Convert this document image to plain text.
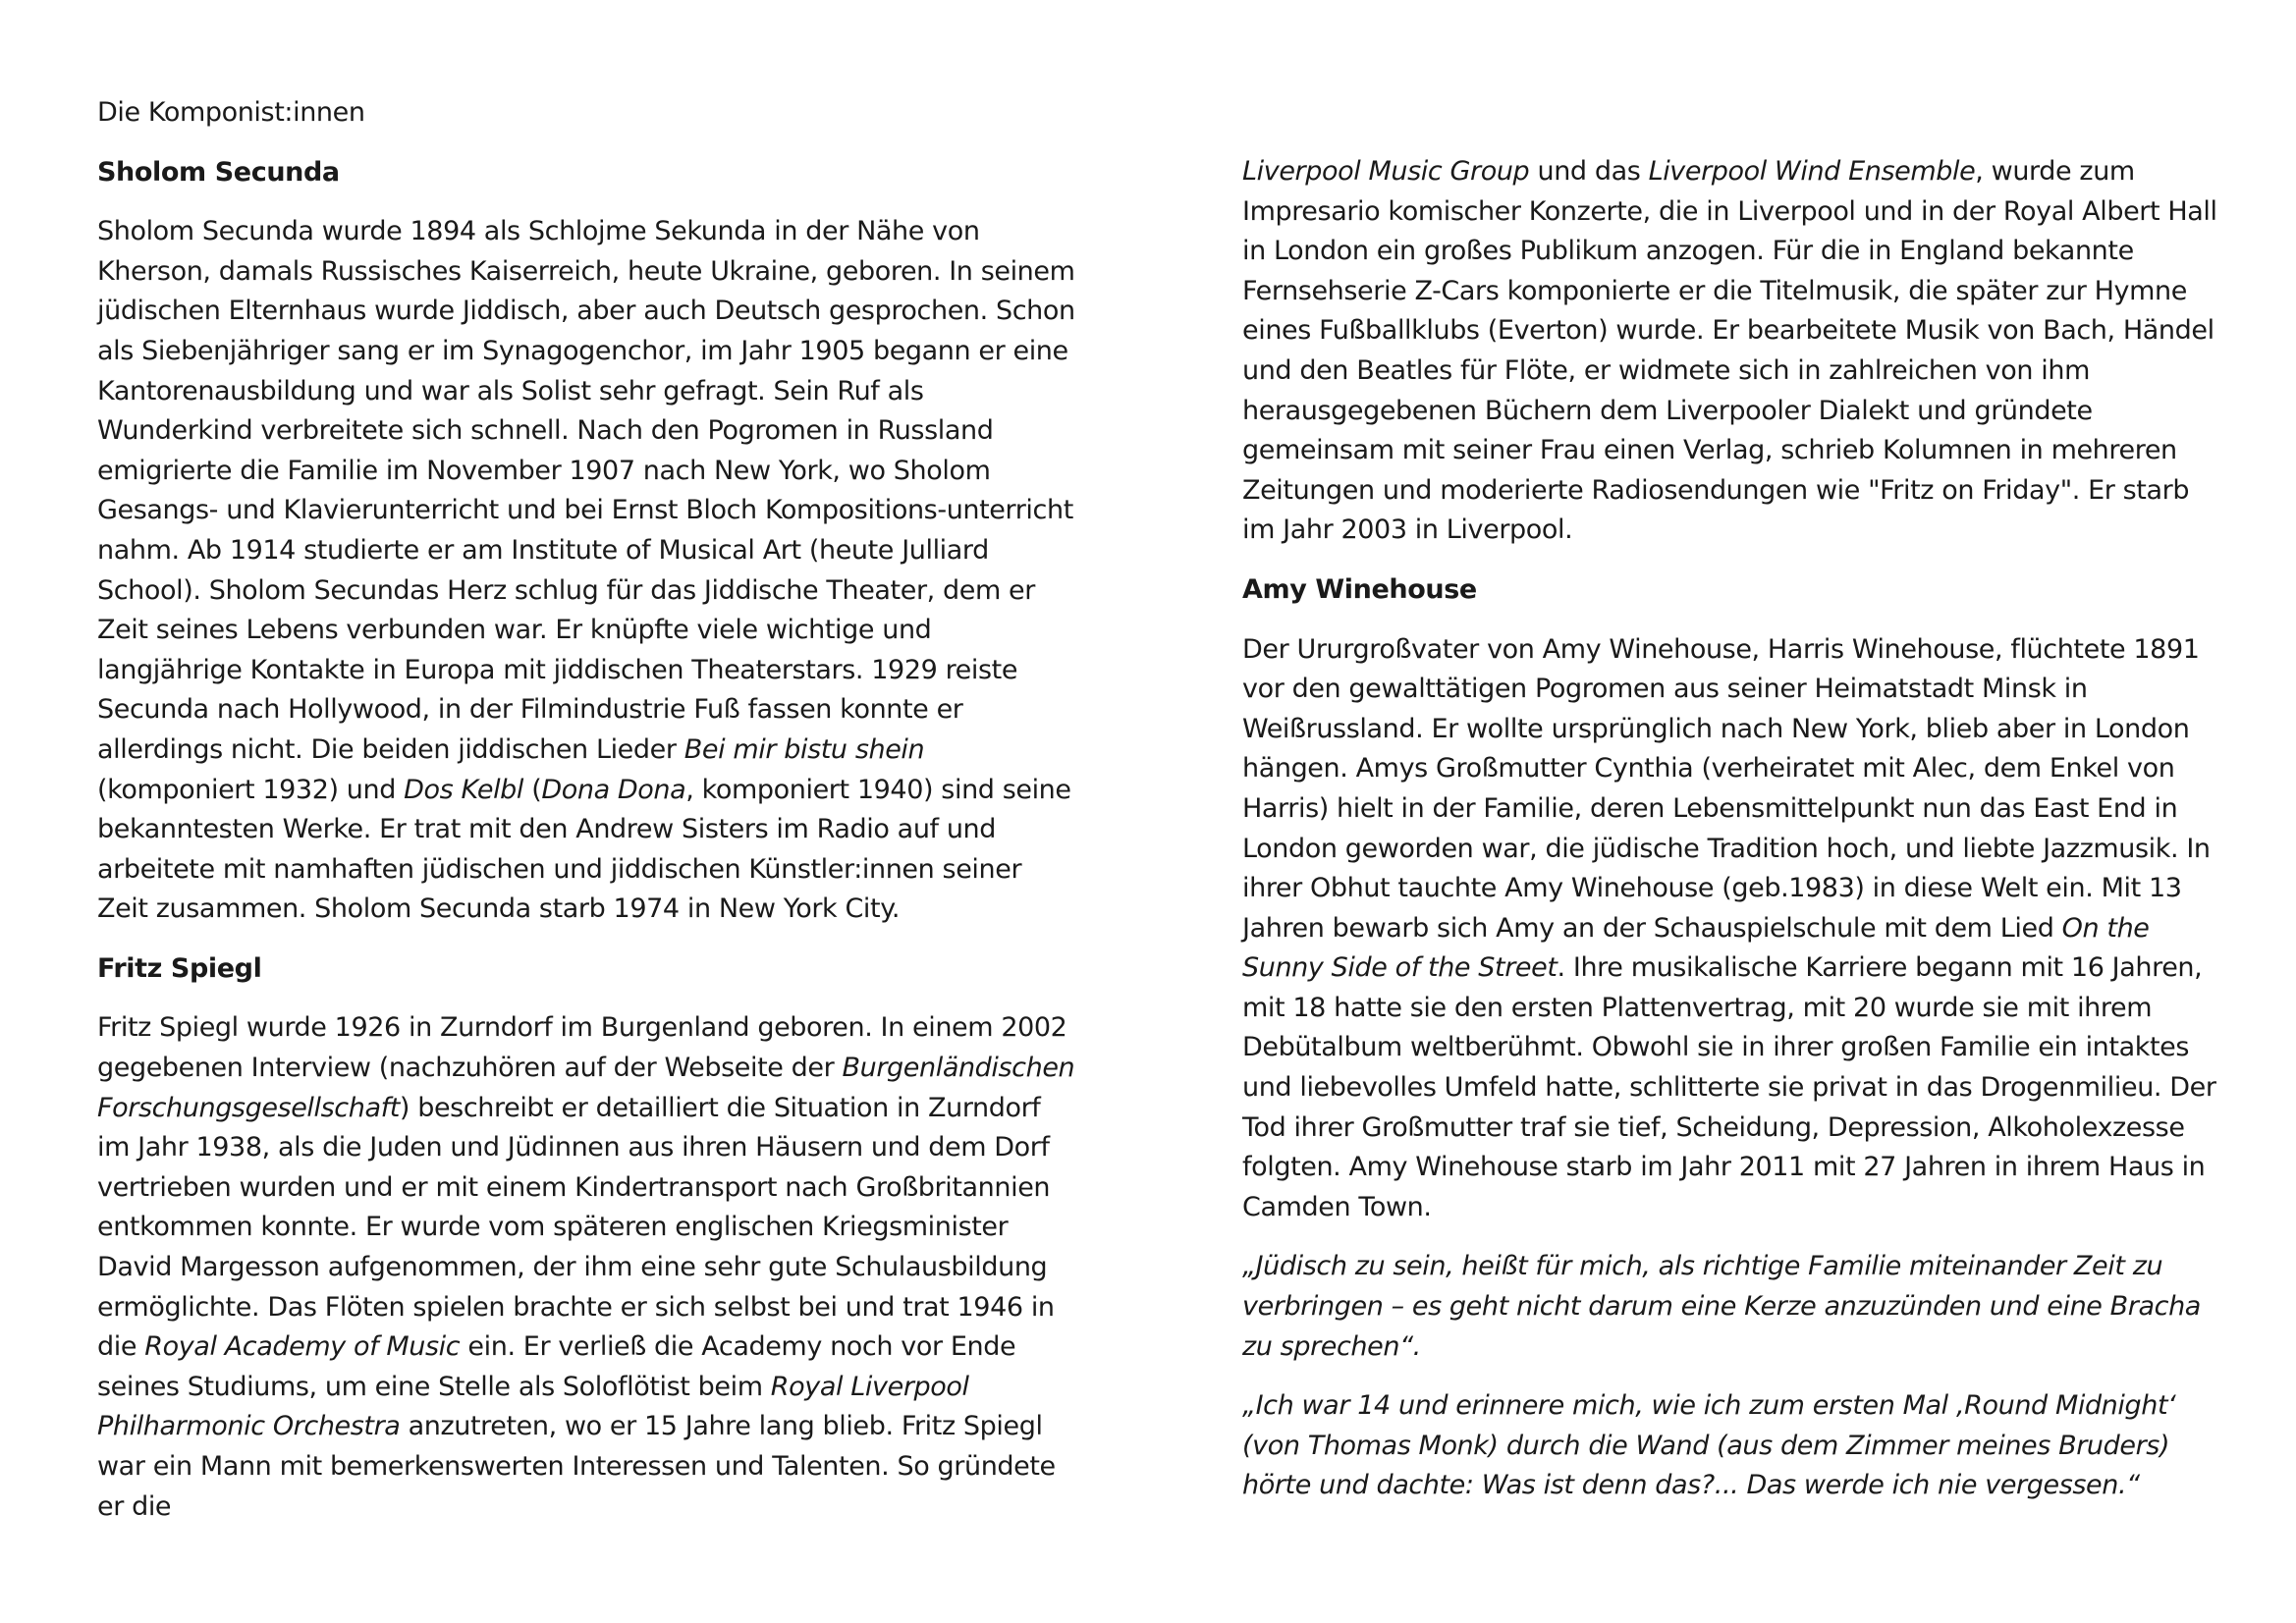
Die Komponist:innen
Sholom Secunda

Sholom Secunda wurde 1894 als Schlojme Sekunda in der Nähe von Kherson, damals Russisches Kaiserreich, heute Ukraine, geboren. In seinem jüdischen Elternhaus wurde Jiddisch, aber auch Deutsch gesprochen. Schon als Siebenjähriger sang er im Synagogenchor, im Jahr 1905 begann er eine Kantorenausbildung und war als Solist sehr gefragt. Sein Ruf als Wunderkind verbreitete sich schnell. Nach den Pogromen in Russland emigrierte die Familie im November 1907 nach New York, wo Sholom Gesangs- und Klavierunterricht und bei Ernst Bloch Kompositions-unterricht nahm. Ab 1914 studierte er am Institute of Musical Art (heute Julliard School). Sholom Secundas Herz schlug für das Jiddische Theater, dem er Zeit seines Lebens verbunden war. Er knüpfte viele wichtige und langjährige Kontakte in Europa mit jiddischen Theaterstars. 1929 reiste Secunda nach Hollywood, in der Filmindustrie Fuß fassen konnte er allerdings nicht. Die beiden jiddischen Lieder Bei mir bistu shein (komponiert 1932) und Dos Kelbl (Dona Dona, komponiert 1940) sind seine bekanntesten Werke. Er trat mit den Andrew Sisters im Radio auf und arbeitete mit namhaften jüdischen und jiddischen Künstler:innen seiner Zeit zusammen. Sholom Secunda starb 1974 in New York City.

Fritz Spiegl

Fritz Spiegl wurde 1926 in Zurndorf im Burgenland geboren. In einem 2002 gegebenen Interview (nachzuhören auf der Webseite der Burgenländischen Forschungsgesellschaft) beschreibt er detailliert die Situation in Zurndorf im Jahr 1938, als die Juden und Jüdinnen aus ihren Häusern und dem Dorf vertrieben wurden und er mit einem Kindertransport nach Großbritannien entkommen konnte. Er wurde vom späteren englischen Kriegsminister David Margesson aufgenommen, der ihm eine sehr gute Schulausbildung ermöglichte. Das Flöten spielen brachte er sich selbst bei und trat 1946 in die Royal Academy of Music ein. Er verließ die Academy noch vor Ende seines Studiums, um eine Stelle als Soloflötist beim Royal Liverpool Philharmonic Orchestra anzutreten, wo er 15 Jahre lang blieb. Fritz Spiegl war ein Mann mit bemerkenswerten Interessen und Talenten. So gründete er die

Liverpool Music Group und das Liverpool Wind Ensemble, wurde zum Impresario komischer Konzerte, die in Liverpool und in der Royal Albert Hall in London ein großes Publikum anzogen. Für die in England bekannte Fernsehserie Z-Cars komponierte er die Titelmusik, die später zur Hymne eines Fußballklubs (Everton) wurde. Er bearbeitete Musik von Bach, Händel und den Beatles für Flöte, er widmete sich in zahlreichen von ihm herausgegebenen Büchern dem Liverpooler Dialekt und gründete gemeinsam mit seiner Frau einen Verlag, schrieb Kolumnen in mehreren Zeitungen und moderierte Radiosendungen wie "Fritz on Friday". Er starb im Jahr 2003 in Liverpool.

Amy Winehouse

Der Ururgroßvater von Amy Winehouse, Harris Winehouse, flüchtete 1891 vor den gewalttätigen Pogromen aus seiner Heimatstadt Minsk in Weißrussland. Er wollte ursprünglich nach New York, blieb aber in London hängen. Amys Großmutter Cynthia (verheiratet mit Alec, dem Enkel von Harris) hielt in der Familie, deren Lebensmittelpunkt nun das East End in London geworden war, die jüdische Tradition hoch, und liebte Jazzmusik. In ihrer Obhut tauchte Amy Winehouse (geb.1983) in diese Welt ein. Mit 13 Jahren bewarb sich Amy an der Schauspielschule mit dem Lied On the Sunny Side of the Street. Ihre musikalische Karriere begann mit 16 Jahren, mit 18 hatte sie den ersten Plattenvertrag, mit 20 wurde sie mit ihrem Debütalbum weltberühmt. Obwohl sie in ihrer großen Familie ein intaktes und liebevolles Umfeld hatte, schlitterte sie privat in das Drogenmilieu. Der Tod ihrer Großmutter traf sie tief, Scheidung, Depression, Alkoholexzesse folgten. Amy Winehouse starb im Jahr 2011 mit 27 Jahren in ihrem Haus in Camden Town.

„Jüdisch zu sein, heißt für mich, als richtige Familie miteinander Zeit zu verbringen – es geht nicht darum eine Kerze anzuzünden und eine Bracha zu sprechen“.

„Ich war 14 und erinnere mich, wie ich zum ersten Mal ‚Round Midnight‘ (von Thomas Monk) durch die Wand (aus dem Zimmer meines Bruders) hörte und dachte: Was ist denn das?... Das werde ich nie vergessen.“
